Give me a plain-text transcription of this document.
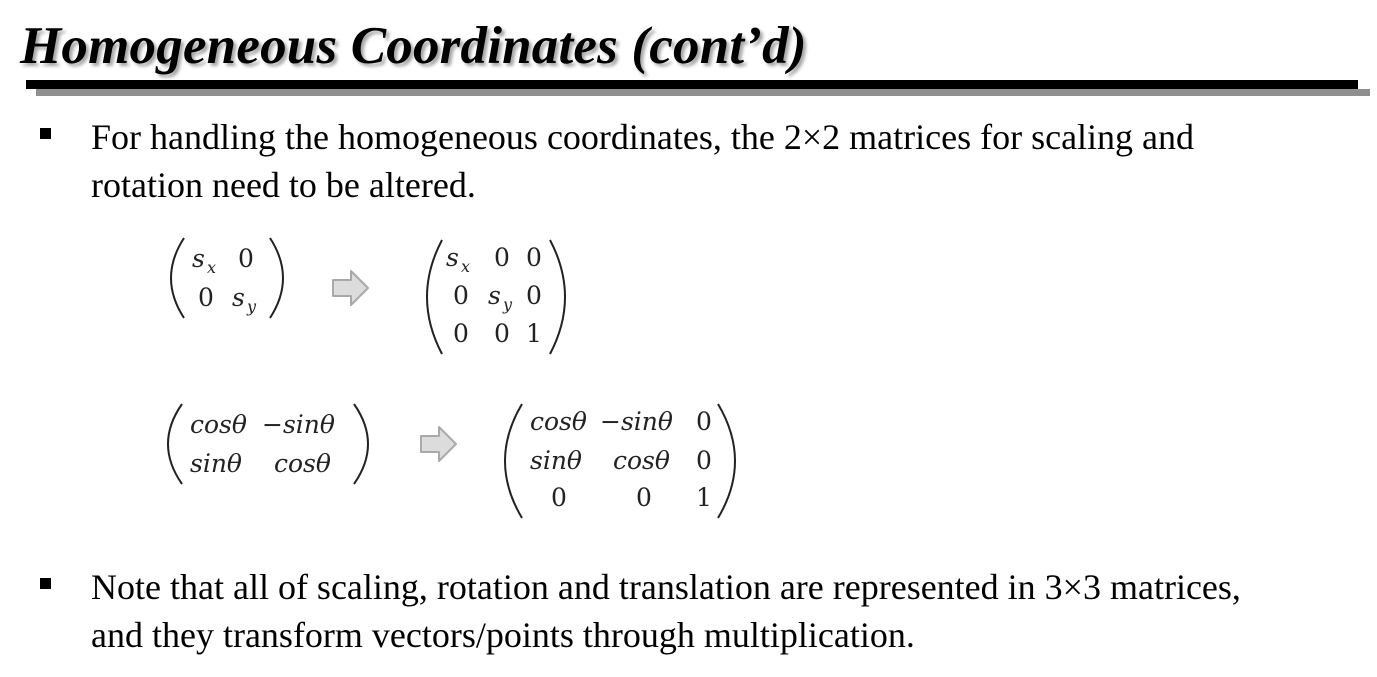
Homogeneous Coordinates (cont’d)

For handling the homogeneous coordinates, the 2×2 matrices for scaling and

rotation need to be altered.

s x 0
0 s y
s x 0 0
0 s y 0
0 0 1
cosθ −sinθ
sinθ cosθ
cosθ −sinθ 0
sinθ cosθ 0
0	0 1

Note that all of scaling, rotation and translation are represented in 3×3 matrices,

and they transform vectors/points through multiplication.
